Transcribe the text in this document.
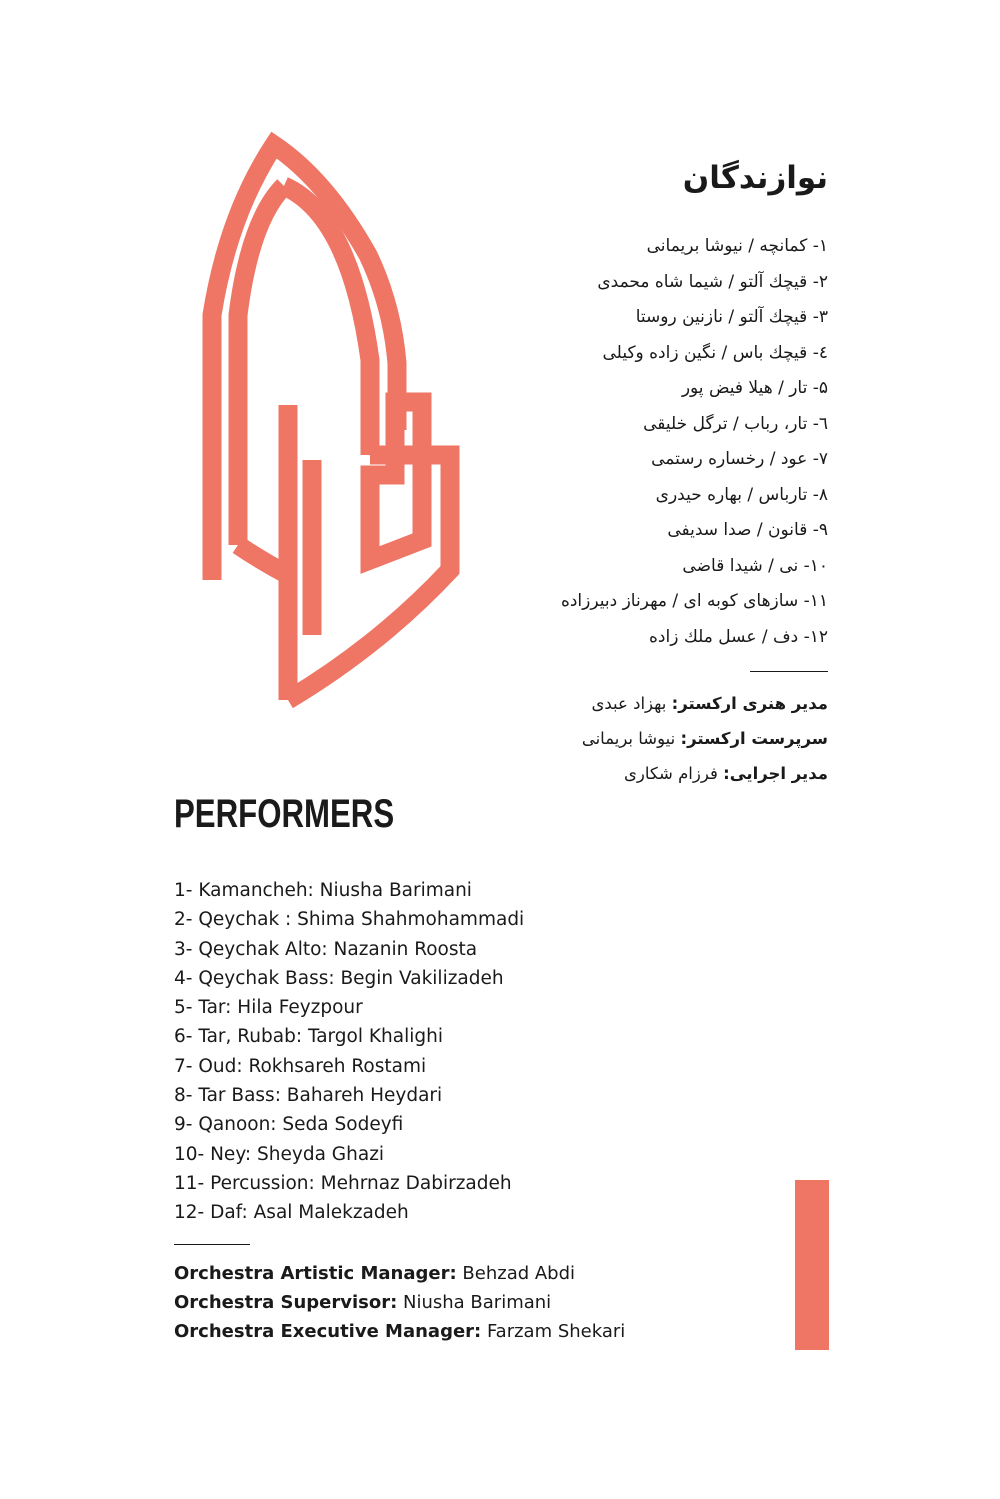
نوازندگان
۱- کمانچه / نیوشا بریمانی
۲- قیچك آلتو / شیما شاه محمدی
۳- قیچك آلتو / نازنین روستا
٤- قیچك باس / نگین زاده وكیلی
۵- تار / هیلا فیض پور
٦- تار، رباب / ترگل خلیقی
۷- عود / رخساره رستمی
۸- تارباس / بهاره حیدری
۹- قانون / صدا سدیفی
۱۰- نی / شیدا قاضی
۱۱- سازهای كوبه ای / مهرناز دبیرزاده
۱۲- دف / عسل ملك زاده
مدیر هنری اركستر: بهزاد عبدی
سرپرست اركستر: نیوشا بریمانی
مدیر اجرایی: فرزام شكاری
PERFORMERS
1- Kamancheh: Niusha Barimani
2- Qeychak : Shima Shahmohammadi
3- Qeychak Alto: Nazanin Roosta
4- Qeychak Bass: Begin Vakilizadeh
5- Tar: Hila Feyzpour
6- Tar, Rubab: Targol Khalighi
7- Oud: Rokhsareh Rostami
8- Tar Bass: Bahareh Heydari
9- Qanoon: Seda Sodeyfi
10- Ney: Sheyda Ghazi
11- Percussion: Mehrnaz Dabirzadeh
12- Daf: Asal Malekzadeh
Orchestra Artistic Manager: Behzad Abdi
Orchestra Supervisor: Niusha Barimani
Orchestra Executive Manager: Farzam Shekari
